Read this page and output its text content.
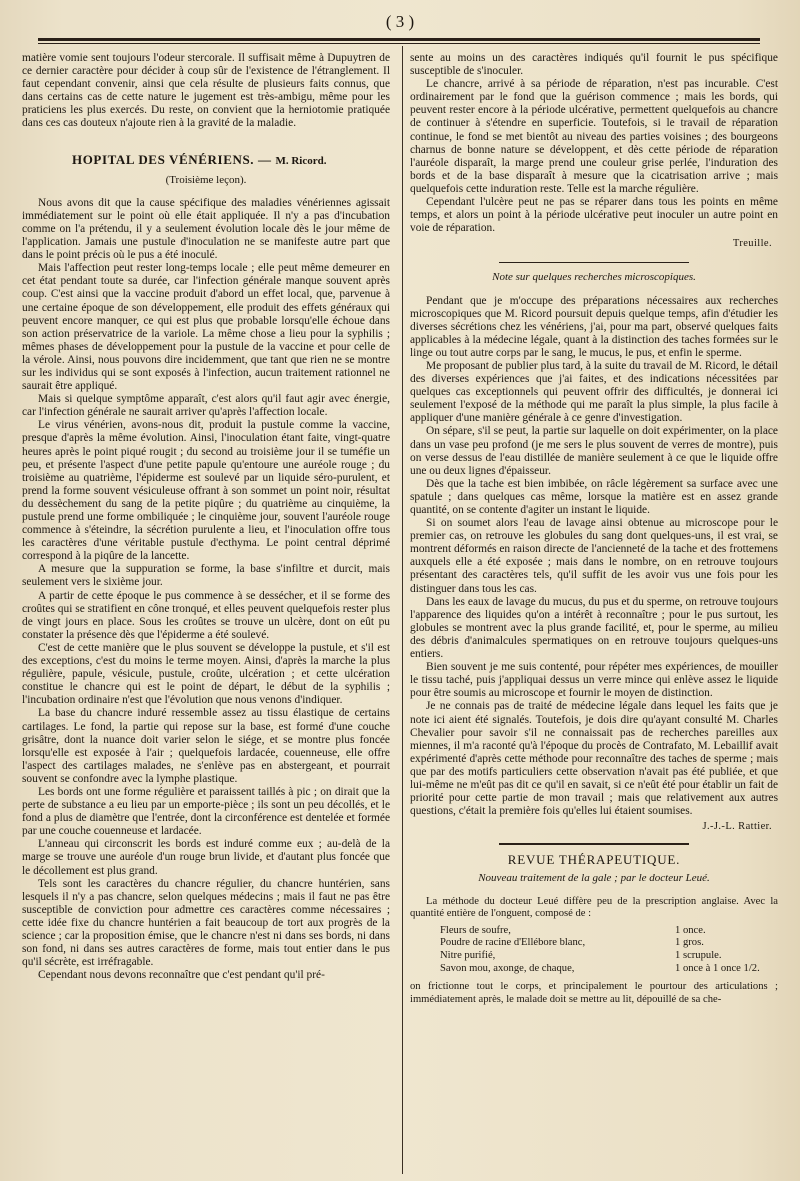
( 3 )

matière vomie sent toujours l'odeur stercorale. Il suffisait même à Dupuytren de ce dernier caractère pour décider à coup sûr de l'existence de l'étranglement. Il faut cependant convenir, ainsi que cela résulte de plusieurs faits connus, que dans certains cas de cette nature le jugement est très-ambigu, même pour les praticiens les plus exercés. Du reste, on convient que la herniotomie pratiquée dans ces cas douteux n'ajoute rien à la gravité de la maladie.

HOPITAL DES VÉNÉRIENS. — M. Ricord.
(Troisième leçon).

Nous avons dit que la cause spécifique des maladies vénériennes agissait immédiatement sur le point où elle était appliquée. Il n'y a pas d'incubation comme on l'a prétendu, il y a seulement évolution locale dès le jour même de l'application. Jamais une pustule d'inoculation ne se manifeste autre part que dans le point précis où le pus a été inoculé.

Mais l'affection peut rester long-temps locale ; elle peut même demeurer en cet état pendant toute sa durée, car l'infection générale manque souvent après coup. C'est ainsi que la vaccine produit d'abord un effet local, que, parvenue à une certaine époque de son développement, elle produit des effets généraux qui peuvent encore manquer, ce qui est plus que probable lorsqu'elle échoue dans son action préservatrice de la variole. La même chose a lieu pour la syphilis ; mêmes phases de développement pour la pustule de la vaccine et pour celle de la vérole. Ainsi, nous pouvons dire incidemment, que tant que rien ne se montre sur les individus qui se sont exposés à l'infection, aucun traitement rationnel ne saurait être appliqué.

Mais si quelque symptôme apparaît, c'est alors qu'il faut agir avec énergie, car l'infection générale ne saurait arriver qu'après l'affection locale.

Le virus vénérien, avons-nous dit, produit la pustule comme la vaccine, presque d'après la même évolution. Ainsi, l'inoculation étant faite, vingt-quatre heures après le point piqué rougit ; du second au troisième jour il se tuméfie un peu, et présente l'aspect d'une petite papule qu'entoure une auréole rouge ; du troisième au quatrième, l'épiderme est soulevé par un liquide séro-purulent, et prend la forme souvent vésiculeuse offrant à son sommet un point noir, résultat du dessèchement du sang de la petite piqûre ; du quatrième au cinquième, la pustule prend une forme ombiliquée ; le cinquième jour, souvent l'auréole rouge commence à s'éteindre, la sécrétion purulente a lieu, et l'inoculation offre tous les caractères d'une véritable pustule d'ecthyma. Le point central déprimé correspond à la piqûre de la lancette.

A mesure que la suppuration se forme, la base s'infiltre et durcit, mais seulement vers le sixième jour.

A partir de cette époque le pus commence à se dessécher, et il se forme des croûtes qui se stratifient en cône tronqué, et elles peuvent quelquefois rester plus de vingt jours en place. Sous les croûtes se trouve un ulcère, dont on eût pu constater la présence dès que l'épiderme a été soulevé.

C'est de cette manière que le plus souvent se développe la pustule, et s'il est des exceptions, c'est du moins le terme moyen. Ainsi, d'après la marche la plus régulière, papule, vésicule, pustule, croûte, ulcération ; et cette ulcération constitue le chancre qui est le point de départ, le début de la syphilis ; l'incubation ordinaire n'est que l'évolution que nous venons d'indiquer.

La base du chancre induré ressemble assez au tissu élastique de certains cartilages. Le fond, la partie qui repose sur la base, est formé d'une couche grisâtre, dont la nuance doit varier selon le siége, et se montre plus foncée lorsqu'elle est exposée à l'air ; quelquefois lardacée, couenneuse, elle offre l'aspect des cartilages malades, ne s'enlève pas en abstergeant, et pourrait souvent se confondre avec la lymphe plastique.

Les bords ont une forme régulière et paraissent taillés à pic ; on dirait que la perte de substance a eu lieu par un emporte-pièce ; ils sont un peu décollés, et le fond a plus de diamètre que l'entrée, dont la circonférence est dentelée et formée par une couche couenneuse et lardacée.

L'anneau qui circonscrit les bords est induré comme eux ; au-delà de la marge se trouve une auréole d'un rouge brun livide, et d'autant plus foncée que le décollement est plus grand.

Tels sont les caractères du chancre régulier, du chancre huntérien, sans lesquels il n'y a pas chancre, selon quelques médecins ; mais il faut ne pas être susceptible de conviction pour admettre ces caractères comme nécessaires ; cette idée fixe du chancre huntérien a fait beaucoup de tort aux progrès de la science ; car la proposition émise, que le chancre n'est ni dans ses bords, ni dans son fond, ni dans ses autres caractères de forme, mais tout entier dans le pus qu'il sécrète, est irréfragable.

Cependant nous devons reconnaître que c'est pendant qu'il pré-

sente au moins un des caractères indiqués qu'il fournit le pus spécifique susceptible de s'inoculer.

Le chancre, arrivé à sa période de réparation, n'est pas incurable. C'est ordinairement par le fond que la guérison commence ; mais les bords, qui peuvent rester encore à la période ulcérative, permettent quelquefois au chancre de continuer à s'étendre en superficie. Toutefois, si le travail de réparation continue, le fond se met bientôt au niveau des parties voisines ; des bourgeons charnus de bonne nature se développent, et dès cette période de réparation l'auréole disparaît, la marge prend une couleur grise perlée, l'induration des bords et de la base disparaît à mesure que la cicatrisation arrive ; mais quelquefois cette induration reste. Telle est la marche régulière.

Cependant l'ulcère peut ne pas se réparer dans tous les points en même temps, et alors un point à la période ulcérative peut inoculer un autre point en voie de réparation.

Treuille.
Note sur quelques recherches microscopiques.

Pendant que je m'occupe des préparations nécessaires aux recherches microscopiques que M. Ricord poursuit depuis quelque temps, afin d'étudier les diverses sécrétions chez les vénériens, j'ai, pour ma part, observé quelques faits applicables à la médecine légale, quant à la distinction des taches formées sur le linge ou tout autre corps par le sang, le mucus, le pus, et enfin le sperme.

Me proposant de publier plus tard, à la suite du travail de M. Ricord, le détail des diverses expériences que j'ai faites, et des indications nécessitées par quelques cas exceptionnels qui peuvent offrir des difficultés, je donnerai ici seulement l'exposé de la méthode qui me paraît la plus simple, la plus facile à appliquer d'une manière générale à ce genre d'investigation.

On sépare, s'il se peut, la partie sur laquelle on doit expérimenter, on la place dans un vase peu profond (je me sers le plus souvent de verres de montre), puis on verse dessus de l'eau distillée de manière seulement à ce que le liquide offre une ou deux lignes d'épaisseur.

Dès que la tache est bien imbibée, on râcle légèrement sa surface avec une spatule ; dans quelques cas même, lorsque la matière est en assez grande quantité, on se contente d'agiter un instant le liquide.

Si on soumet alors l'eau de lavage ainsi obtenue au microscope pour le premier cas, on retrouve les globules du sang dont quelques-uns, il est vrai, se montrent déformés en raison directe de l'ancienneté de la tache et des frottemens auxquels elle a été exposée ; mais dans le nombre, on en retrouve toujours présentant des caractères tels, qu'il suffit de les avoir vus une fois pour les distinguer dans tous les cas.

Dans les eaux de lavage du mucus, du pus et du sperme, on retrouve toujours l'apparence des liquides qu'on a intérêt à reconnaître ; pour le pus surtout, les globules se montrent avec la plus grande facilité, et, pour le sperme, au milieu des débris d'animalcules spermatiques on en retrouve toujours quelques-uns entiers.

Bien souvent je me suis contenté, pour répéter mes expériences, de mouiller le tissu taché, puis j'appliquai dessus un verre mince qui enlève assez le liquide pour être soumis au microscope et fournir le moyen de distinction.

Je ne connais pas de traité de médecine légale dans lequel les faits que je note ici aient été signalés. Toutefois, je dois dire qu'ayant consulté M. Charles Chevalier pour savoir s'il ne connaissait pas de recherches pareilles aux miennes, il m'a raconté qu'à l'époque du procès de Contrafato, M. Lebaillif avait expérimenté d'après cette méthode pour reconnaître des taches de sperme ; mais que par des motifs particuliers cette observation n'avait pas été publiée, et que lui-même ne m'eût pas dit ce qu'il en savait, si ce n'eût été pour établir un fait de priorité pour cette partie de mon travail ; mais que relativement aux autres questions, c'était la première fois qu'elles lui étaient soumises.

J.-J.-L. Rattier.
REVUE THÉRAPEUTIQUE.
Nouveau traitement de la gale ; par le docteur Leué.

La méthode du docteur Leué diffère peu de la prescription anglaise. Avec la quantité entière de l'onguent, composé de :

Fleurs de soufre,	1 once.
Poudre de racine d'Ellébore blanc,	1 gros.
Nitre purifié,	1 scrupule.
Savon mou, axonge, de chaque,	1 once à 1 once 1/2.

on frictionne tout le corps, et principalement le pourtour des articulations ; immédiatement après, le malade doit se mettre au lit, dépouillé de sa che-
